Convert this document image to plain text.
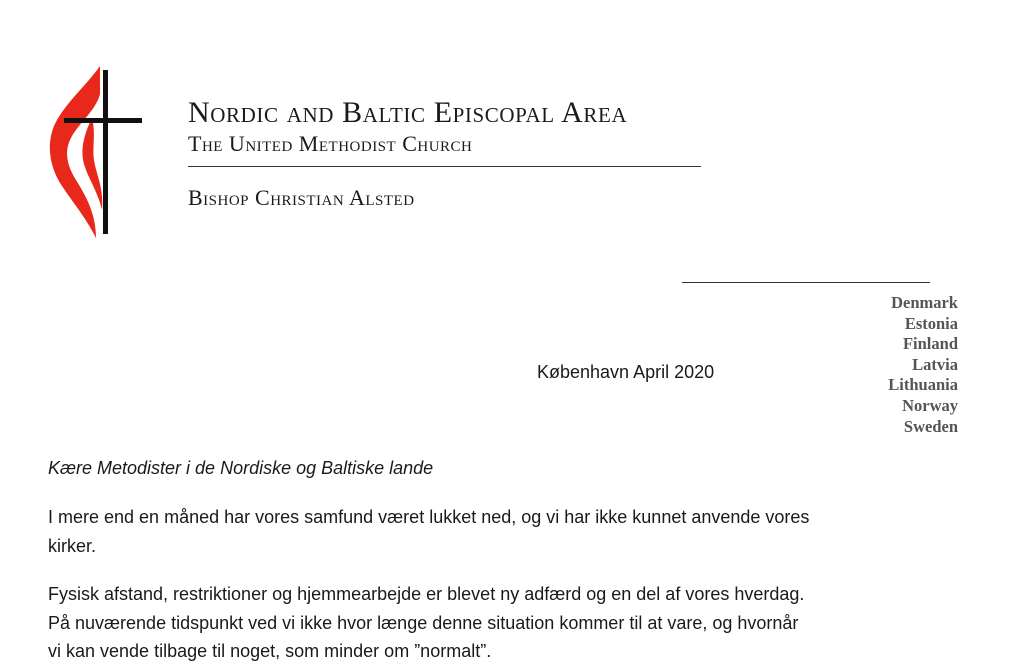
Nordic and Baltic Episcopal Area
The United Methodist Church
Bishop Christian Alsted
Denmark
Estonia
Finland
Latvia
Lithuania
Norway
Sweden
København April 2020

Kære Metodister i de Nordiske og Baltiske lande

I mere end en måned har vores samfund været lukket ned, og vi har ikke kunnet anvende vores
kirker.

Fysisk afstand, restriktioner og hjemmearbejde er blevet ny adfærd og en del af vores hverdag.
På nuværende tidspunkt ved vi ikke hvor længe denne situation kommer til at vare, og hvornår
vi kan vende tilbage til noget, som minder om ”normalt”.
